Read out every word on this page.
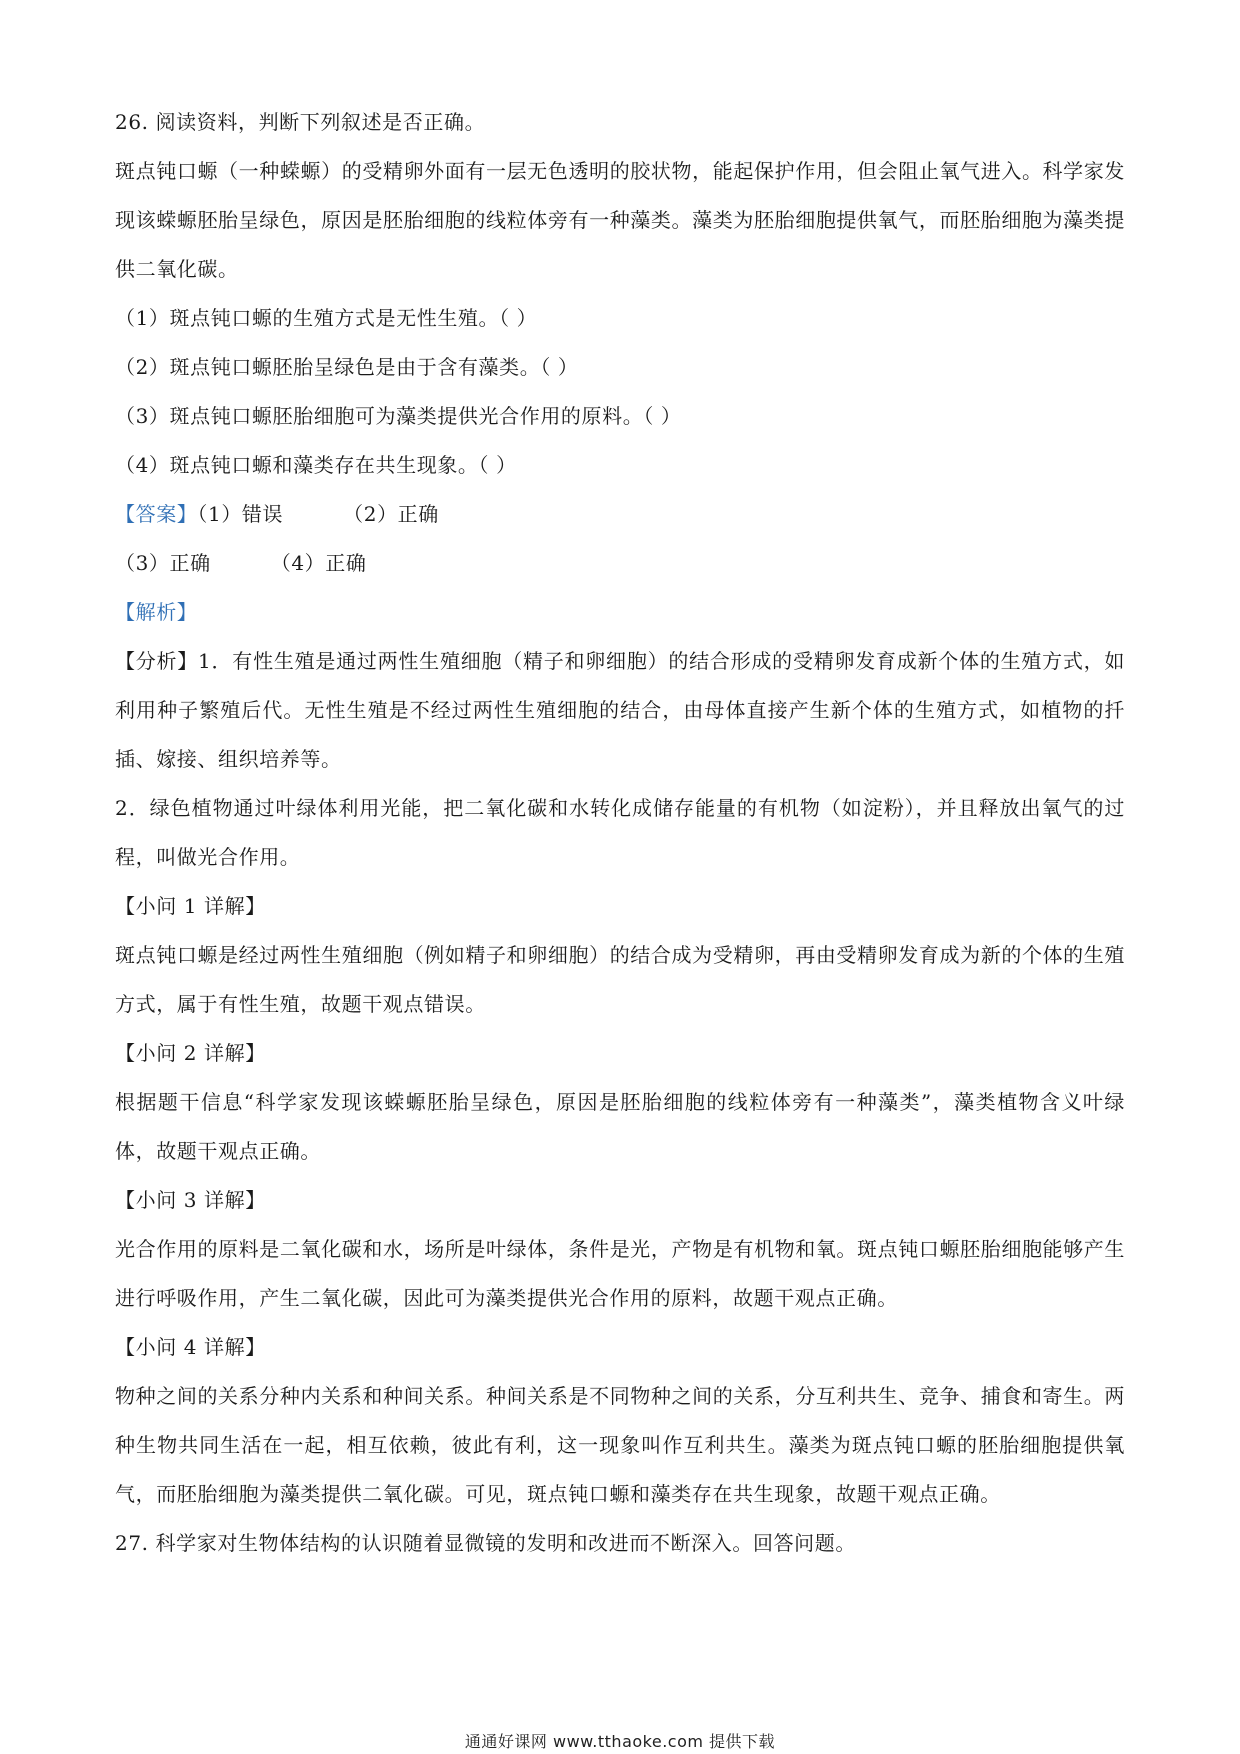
26. 阅读资料，判断下列叙述是否正确。
斑点钝口螈（一种蝾螈）的受精卵外面有一层无色透明的胶状物，能起保护作用，但会阻止氧气进入。科学家发现该蝾螈胚胎呈绿色，原因是胚胎细胞的线粒体旁有一种藻类。藻类为胚胎细胞提供氧气，而胚胎细胞为藻类提供二氧化碳。
（1）斑点钝口螈的生殖方式是无性生殖。（ ）
（2）斑点钝口螈胚胎呈绿色是由于含有藻类。（ ）
（3）斑点钝口螈胚胎细胞可为藻类提供光合作用的原料。（ ）
（4）斑点钝口螈和藻类存在共生现象。（ ）
【答案】（1）错误	（2）正确
（3）正确	（4）正确
【解析】
【分析】1．有性生殖是通过两性生殖细胞（精子和卵细胞）的结合形成的受精卵发育成新个体的生殖方式，如利用种子繁殖后代。无性生殖是不经过两性生殖细胞的结合，由母体直接产生新个体的生殖方式，如植物的扦插、嫁接、组织培养等。
2．绿色植物通过叶绿体利用光能，把二氧化碳和水转化成储存能量的有机物（如淀粉），并且释放出氧气的过程，叫做光合作用。
【小问 1 详解】
斑点钝口螈是经过两性生殖细胞（例如精子和卵细胞）的结合成为受精卵，再由受精卵发育成为新的个体的生殖方式，属于有性生殖，故题干观点错误。
【小问 2 详解】
根据题干信息“科学家发现该蝾螈胚胎呈绿色，原因是胚胎细胞的线粒体旁有一种藻类”，藻类植物含义叶绿体，故题干观点正确。
【小问 3 详解】
光合作用的原料是二氧化碳和水，场所是叶绿体，条件是光，产物是有机物和氧。斑点钝口螈胚胎细胞能够产生进行呼吸作用，产生二氧化碳，因此可为藻类提供光合作用的原料，故题干观点正确。
【小问 4 详解】
物种之间的关系分种内关系和种间关系。种间关系是不同物种之间的关系，分互利共生、竞争、捕食和寄生。两种生物共同生活在一起，相互依赖，彼此有利，这一现象叫作互利共生。藻类为斑点钝口螈的胚胎细胞提供氧气，而胚胎细胞为藻类提供二氧化碳。可见，斑点钝口螈和藻类存在共生现象，故题干观点正确。
27. 科学家对生物体结构的认识随着显微镜的发明和改进而不断深入。回答问题。
通通好课网 www.tthaoke.com 提供下载
